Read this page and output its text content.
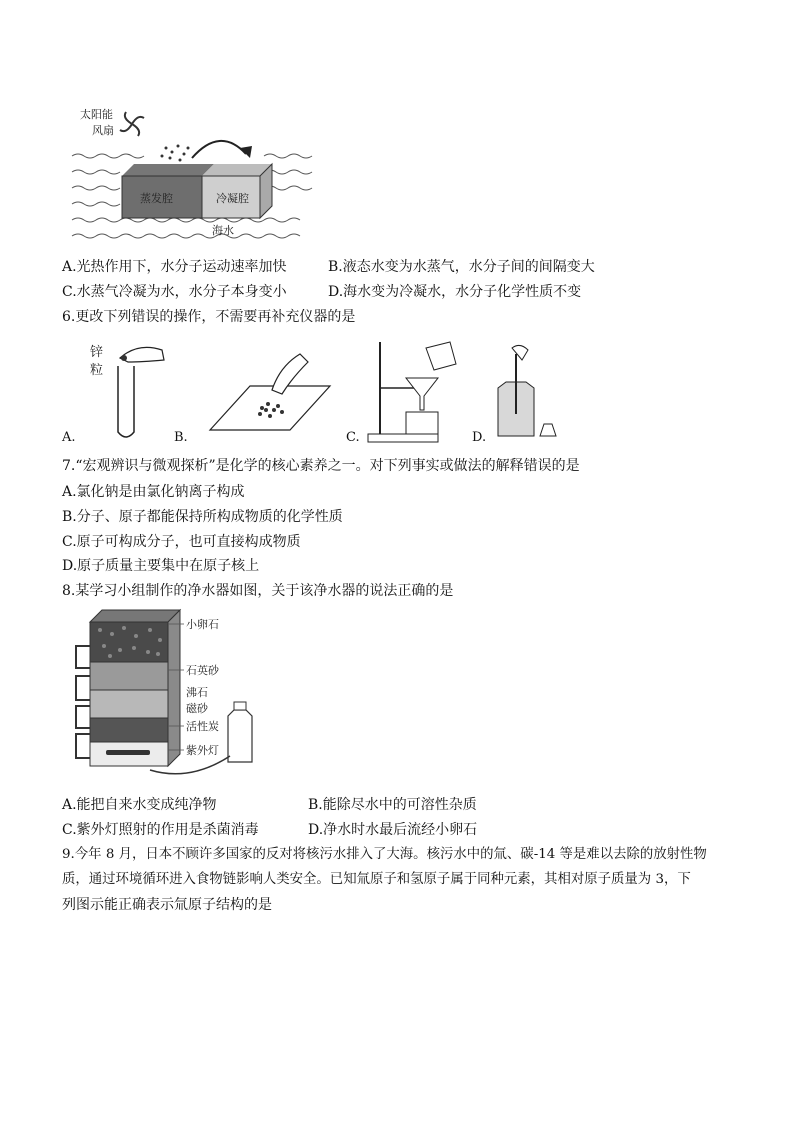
太阳能
风扇
蒸发腔	冷凝腔
海水
A.光热作用下，水分子运动速率加快	B.液态水变为水蒸气，水分子间的间隔变大
C.水蒸气冷凝为水，水分子本身变小	D.海水变为冷凝水，水分子化学性质不变
6.更改下列错误的操作，不需要再补充仪器的是
锌
粒
A.	B.	C.	D.
7.“宏观辨识与微观探析”是化学的核心素养之一。对下列事实或做法的解释错误的是
A.氯化钠是由氯化钠离子构成
B.分子、原子都能保持所构成物质的化学性质
C.原子可构成分子，也可直接构成物质
D.原子质量主要集中在原子核上
8.某学习小组制作的净水器如图，关于该净水器的说法正确的是
小卵石
石英砂
沸石
磁砂
活性炭
紫外灯
A.能把自来水变成纯净物	B.能除尽水中的可溶性杂质
C.紫外灯照射的作用是杀菌消毒	D.净水时水最后流经小卵石
9.今年 8 月，日本不顾许多国家的反对将核污水排入了大海。核污水中的氚、碳-14 等是难以去除的放射性物
质，通过环境循环进入食物链影响人类安全。已知氚原子和氢原子属于同种元素，其相对原子质量为 3，下
列图示能正确表示氚原子结构的是
